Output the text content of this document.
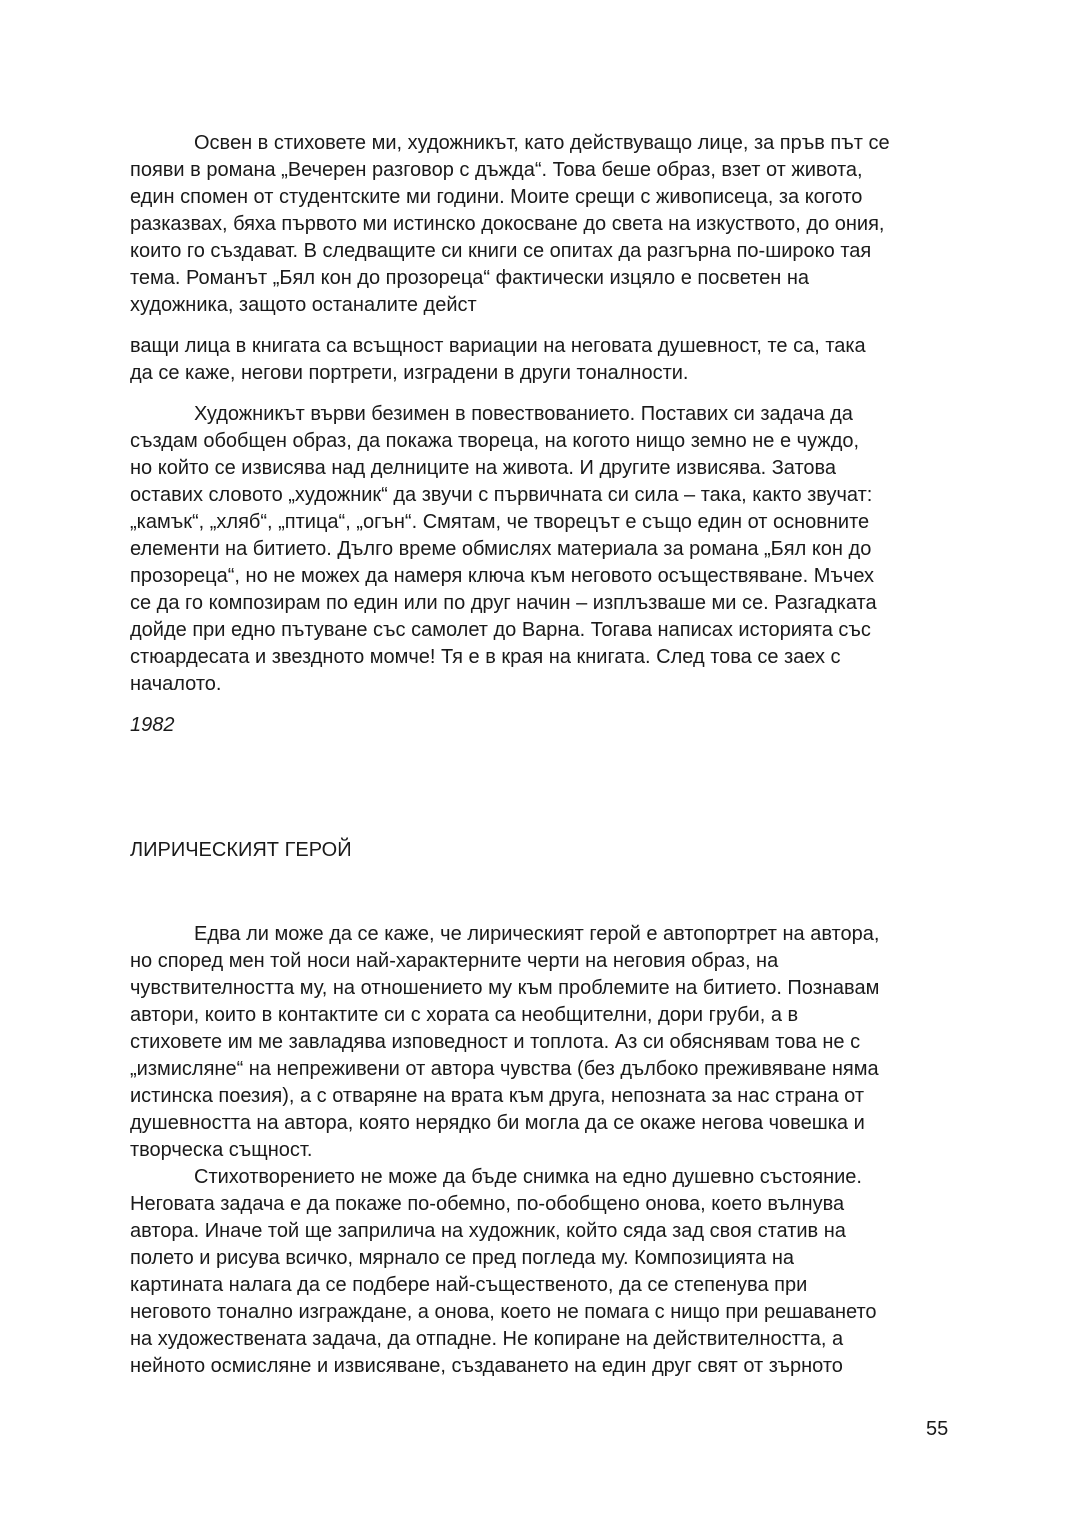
Освен в стиховете ми, художникът, като действуващо лице, за пръв път се

появи в романа „Вечерен разговор с дъжда“. Това беше образ, взет от живота,

един спомен от студентските ми години. Моите срещи с живописеца, за когото

разказвах, бяха първото ми истинско докосване до света на изкуството, до ония,

които го създават. В следващите си книги се опитах да разгърна по-широко тая

тема. Романът „Бял кон до прозореца“ фактически изцяло е посветен на

художника, защото останалите дейст

ващи лица в книгата са всъщност вариации на неговата душевност, те са, така

да се каже, негови портрети, изградени в други тоналности.

Художникът върви безимен в повествованието. Поставих си задача да

създам обобщен образ, да покажа твореца, на когото нищо земно не е чуждо,

но който се извисява над делниците на живота. И другите извисява. Затова

оставих словото „художник“ да звучи с първичната си сила – така, както звучат:

„камък“, „хляб“, „птица“, „огън“. Смятам, че творецът е също един от основните

елементи на битието. Дълго време обмислях материала за романа „Бял кон до

прозореца“, но не можех да намеря ключа към неговото осъществяване. Мъчех

се да го композирам по един или по друг начин – изплъзваше ми се. Разгадката

дойде при едно пътуване със самолет до Варна. Тогава написах историята със

стюардесата и звездното момче! Тя е в края на книгата. След това се заех с

началото.

1982

ЛИРИЧЕСКИЯТ ГЕРОЙ

Едва ли може да се каже, че лирическият герой е автопортрет на автора,

но според мен той носи най-характерните черти на неговия образ, на

чувствителността му, на отношението му към проблемите на битието. Познавам

автори, които в контактите си с хората са необщителни, дори груби, а в

стиховете им ме завладява изповедност и топлота. Аз си обяснявам това не с

„измисляне“ на непреживени от автора чувства (без дълбоко преживяване няма

истинска поезия), а с отваряне на врата към друга, непозната за нас страна от

душевността на автора, която нерядко би могла да се окаже негова човешка и

творческа същност.

Стихотворението не може да бъде снимка на едно душевно състояние.

Неговата задача е да покаже по-обемно, по-обобщено онова, което вълнува

автора. Иначе той ще заприлича на художник, който сяда зад своя статив на

полето и рисува всичко, мярнало се пред погледа му. Композицията на

картината налага да се подбере най-същественото, да се степенува при

неговото тонално изграждане, а онова, което не помага с нищо при решаването

на художествената задача, да отпадне. Не копиране на действителността, а

нейното осмисляне и извисяване, създаването на един друг свят от зърното

55
